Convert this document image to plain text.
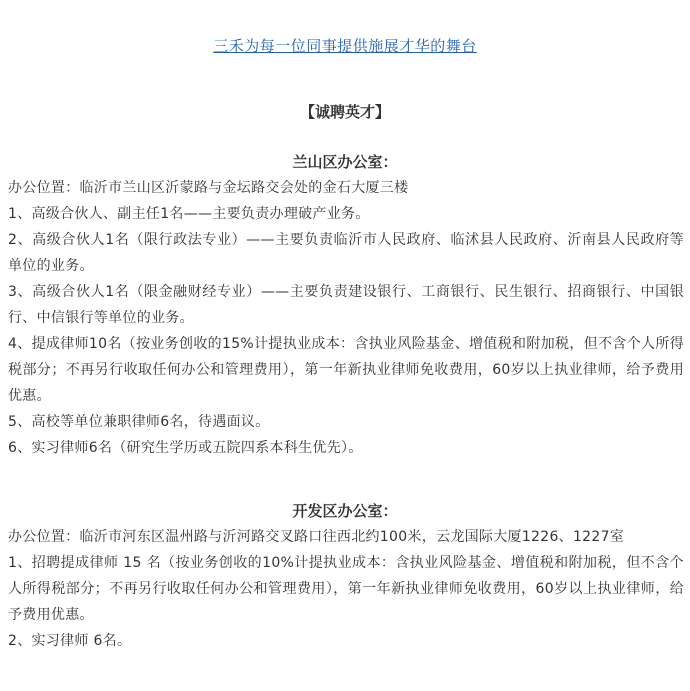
三禾为每一位同事提供施展才华的舞台
【诚聘英才】
兰山区办公室：

办公位置：临沂市兰山区沂蒙路与金坛路交会处的金石大厦三楼

1、高级合伙人、副主任1名——主要负责办理破产业务。

2、高级合伙人1名（限行政法专业）——主要负责临沂市人民政府、临沭县人民政府、沂南县人民政府等单位的业务。

3、高级合伙人1名（限金融财经专业）——主要负责建设银行、工商银行、民生银行、招商银行、中国银行、中信银行等单位的业务。

4、提成律师10名（按业务创收的15%计提执业成本：含执业风险基金、增值税和附加税，但不含个人所得税部分；不再另行收取任何办公和管理费用），第一年新执业律师免收费用，60岁以上执业律师，给予费用优惠。

5、高校等单位兼职律师6名，待遇面议。

6、实习律师6名（研究生学历或五院四系本科生优先）。

开发区办公室：

办公位置：临沂市河东区温州路与沂河路交叉路口往西北约100米，云龙国际大厦1226、1227室

1、招聘提成律师 15 名（按业务创收的10%计提执业成本：含执业风险基金、增值税和附加税，但不含个人所得税部分；不再另行收取任何办公和管理费用），第一年新执业律师免收费用，60岁以上执业律师，给予费用优惠。

2、实习律师 6名。
